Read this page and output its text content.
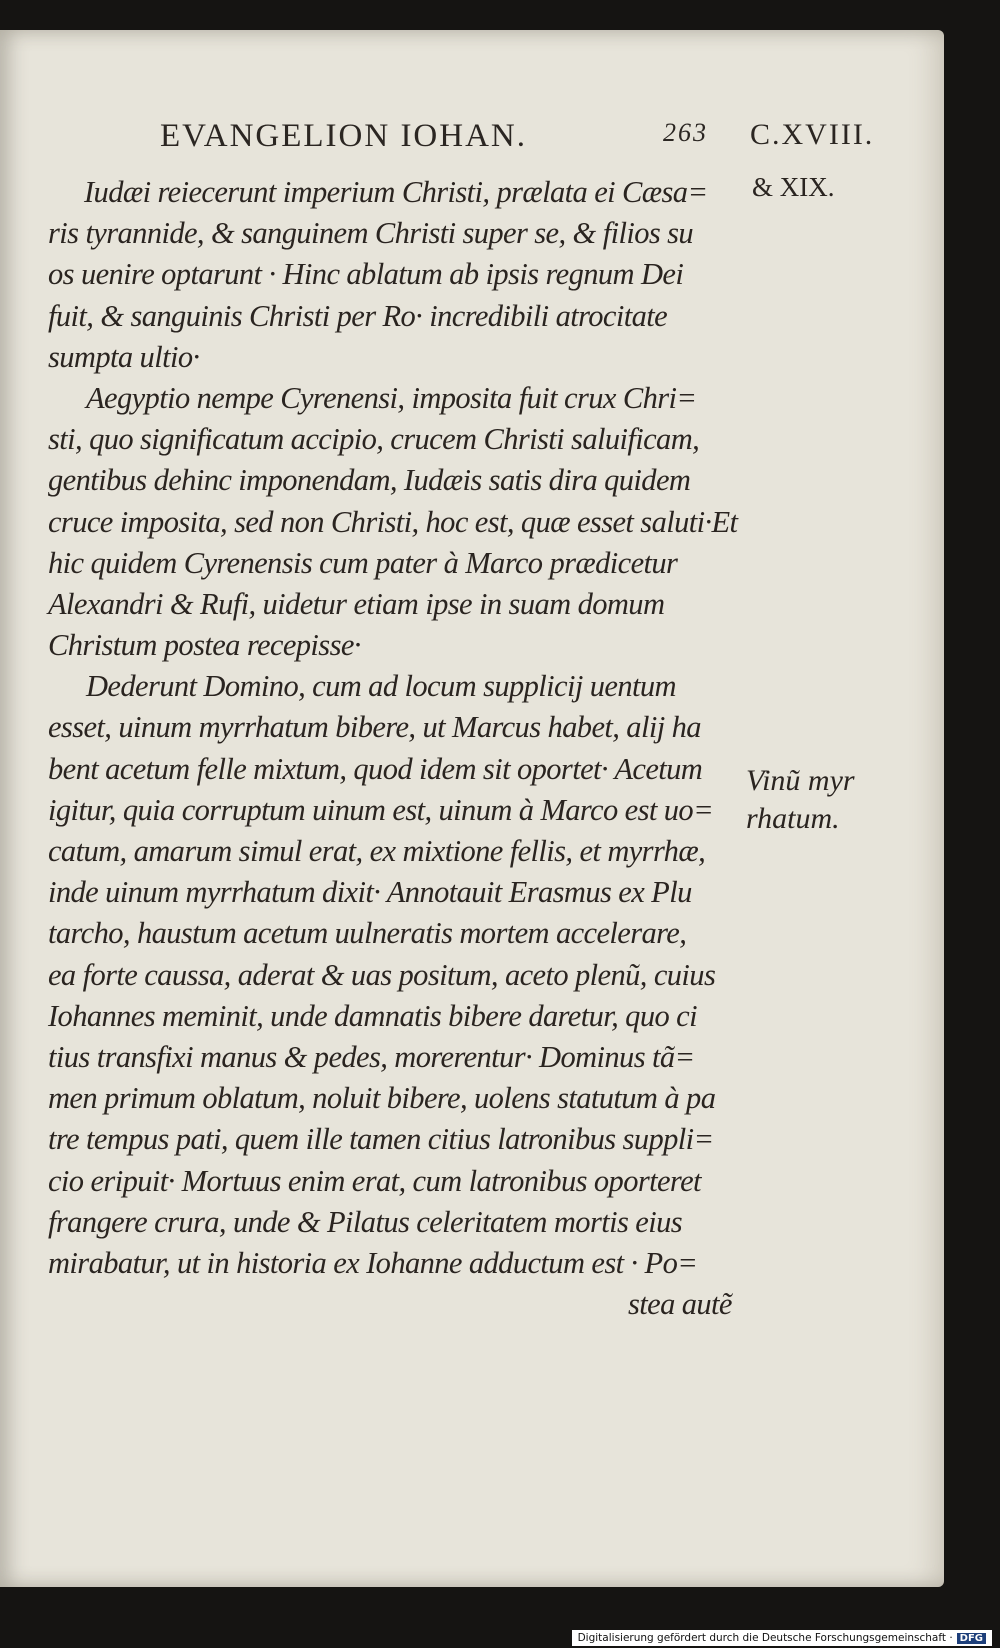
EVANGELION IOHAN.	263 C.XVIII.
& XIX.
Vinũ myr
rhatum.
Iudæi reiecerunt imperium Christi, prælata ei Cæsa=
ris tyrannide, & sanguinem Christi super se, & filios su
os uenire optarunt · Hinc ablatum ab ipsis regnum Dei
fuit, & sanguinis Christi per Ro· incredibili atrocitate
sumpta ultio·
Aegyptio nempe Cyrenensi, imposita fuit crux Chri=
sti, quo significatum accipio, crucem Christi saluificam,
gentibus dehinc imponendam, Iudæis satis dira quidem
cruce imposita, sed non Christi, hoc est, quæ esset saluti·Et
hic quidem Cyrenensis cum pater à Marco prædicetur
Alexandri & Rufi, uidetur etiam ipse in suam domum
Christum postea recepisse·
Dederunt Domino, cum ad locum supplicij uentum
esset, uinum myrrhatum bibere, ut Marcus habet, alij ha
bent acetum felle mixtum, quod idem sit oportet· Acetum
igitur, quia corruptum uinum est, uinum à Marco est uo=
catum, amarum simul erat, ex mixtione fellis, et myrrhæ,
inde uinum myrrhatum dixit· Annotauit Erasmus ex Plu
tarcho, haustum acetum uulneratis mortem accelerare,
ea forte caussa, aderat & uas positum, aceto plenũ, cuius
Iohannes meminit, unde damnatis bibere daretur, quo ci
tius transfixi manus & pedes, morerentur· Dominus tã=
men primum oblatum, noluit bibere, uolens statutum à pa
tre tempus pati, quem ille tamen citius latronibus suppli=
cio eripuit· Mortuus enim erat, cum latronibus oporteret
frangere crura, unde & Pilatus celeritatem mortis eius
mirabatur, ut in historia ex Iohanne adductum est · Po=
stea autẽ
Digitalisierung gefördert durch die Deutsche Forschungsgemeinschaft · DFG
